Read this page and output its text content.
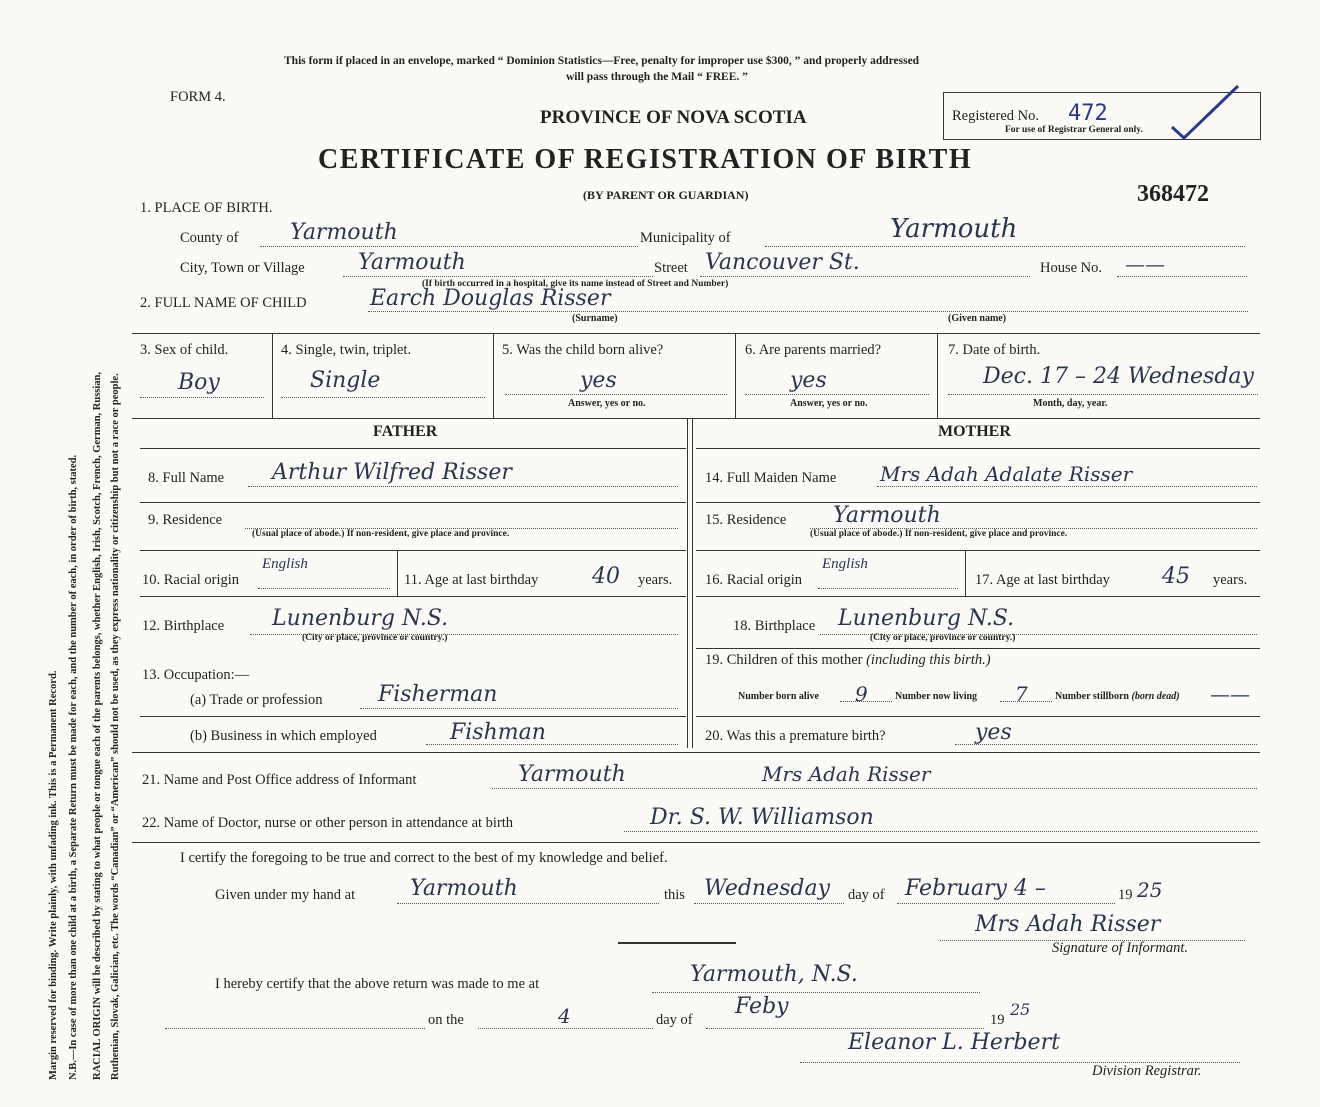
Margin reserved for binding. Write plainly, with unfading ink. This is a Permanent Record. N.B.—In case of more than one child at a birth, a Separate Return must be made for each, and the number of each, in order of birth, stated. RACIAL ORIGIN will be described by stating to what people or tongue each of the parents belongs, whether English, Irish, Scotch, French, German, Russian, Ruthenian, Slovak, Galician, etc. The words “Canadian” or “American” should not be used, as they express nationality or citizenship but not a race or people.
This form if placed in an envelope, marked “ Dominion Statistics—Free, penalty for improper use $300, ” and properly addressed
will pass through the Mail “ FREE. ”
FORM 4.
PROVINCE OF NOVA SCOTIA
CERTIFICATE OF REGISTRATION OF BIRTH
(BY PARENT OR GUARDIAN)
Registered No. 472
For use of Registrar General only.
368472
1. PLACE OF BIRTH.
County of Yarmouth	Municipality of	Yarmouth
City, Town or Village Yarmouth	Street Vancouver St.	House No. ——
(If birth occurred in a hospital, give its name instead of Street and Number)
2. FULL NAME OF CHILD	Earch Douglas Risser
(Surname)	(Given name)
3. Sex of child.
Boy
4. Single, twin, triplet.
Single
5. Was the child born alive?
yes
Answer, yes or no.
6. Are parents married?
yes
Answer, yes or no.
7. Date of birth.
Dec. 17 – 24 Wednesday
Month, day, year.
FATHER	MOTHER
8. Full Name Arthur Wilfred Risser	14. Full Maiden Name Mrs Adah Adalate Risser
9. Residence
(Usual place of abode.) If non-resident, give place and province.
15. Residence Yarmouth
(Usual place of abode.) If non-resident, give place and province.
10. Racial origin
English
11. Age at last birthday 40 years. 16. Racial origin
English
17. Age at last birthday 45 years.
12. Birthplace Lunenburg N.S.
(City or place, province or country.)
18. Birthplace Lunenburg N.S.
(City or place, province or country.)
13. Occupation:—
(a) Trade or profession	Fisherman
(b) Business in which employed	Fishman
19. Children of this mother (including this birth.)
Number born alive 9	Number now living 7	Number stillborn (born dead) ——
20. Was this a premature birth?	yes
21. Name and Post Office address of Informant	Yarmouth	Mrs Adah Risser
22. Name of Doctor, nurse or other person in attendance at birth	Dr. S. W. Williamson
I certify the foregoing to be true and correct to the best of my knowledge and belief.
Given under my hand at Yarmouth	this Wednesday day of February 4 –	19 25
Mrs Adah Risser
Signature of Informant.
I hereby certify that the above return was made to me at	Yarmouth, N.S.
on the	4	day of
Feby
19
25
Eleanor L. Herbert
Division Registrar.
